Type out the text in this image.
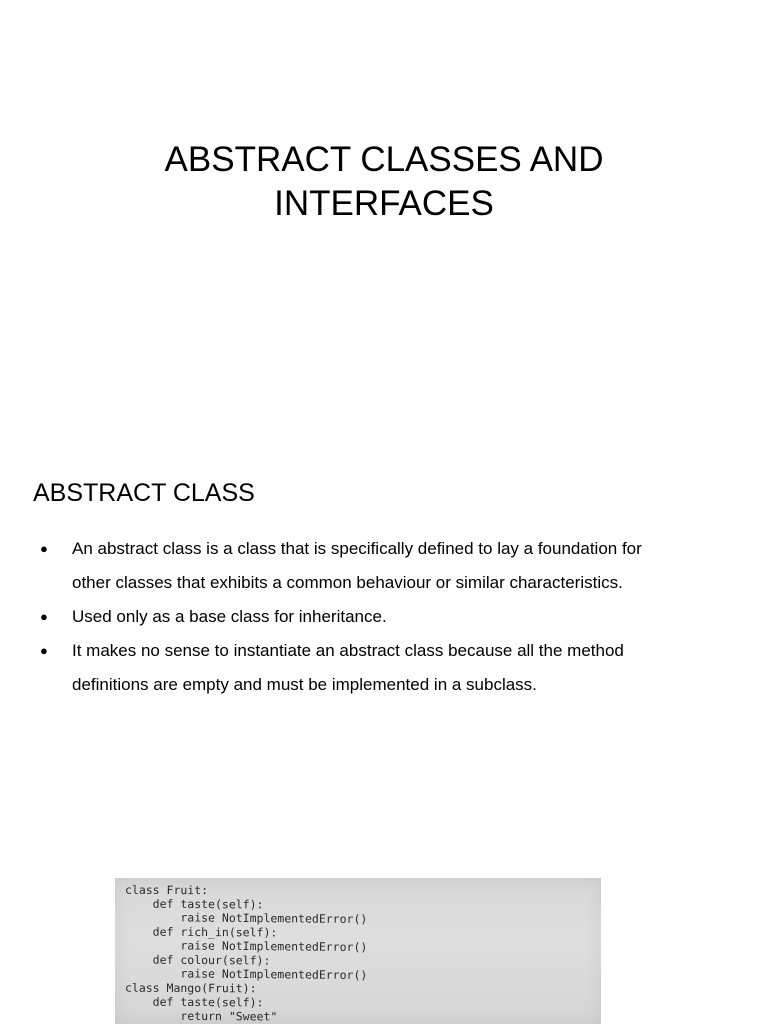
ABSTRACT CLASSES AND
INTERFACES
ABSTRACT CLASS
● An abstract class is a class that is specifically defined to lay a foundation for
other classes that exhibits a common behaviour or similar characteristics.
● Used only as a base class for inheritance.
● It makes no sense to instantiate an abstract class because all the method
definitions are empty and must be implemented in a subclass.
class Fruit:
def taste(self):
raise NotImplementedError()
def rich_in(self):
raise NotImplementedError()
def colour(self):
raise NotImplementedError()
class Mango(Fruit):
def taste(self):
return "Sweet"
